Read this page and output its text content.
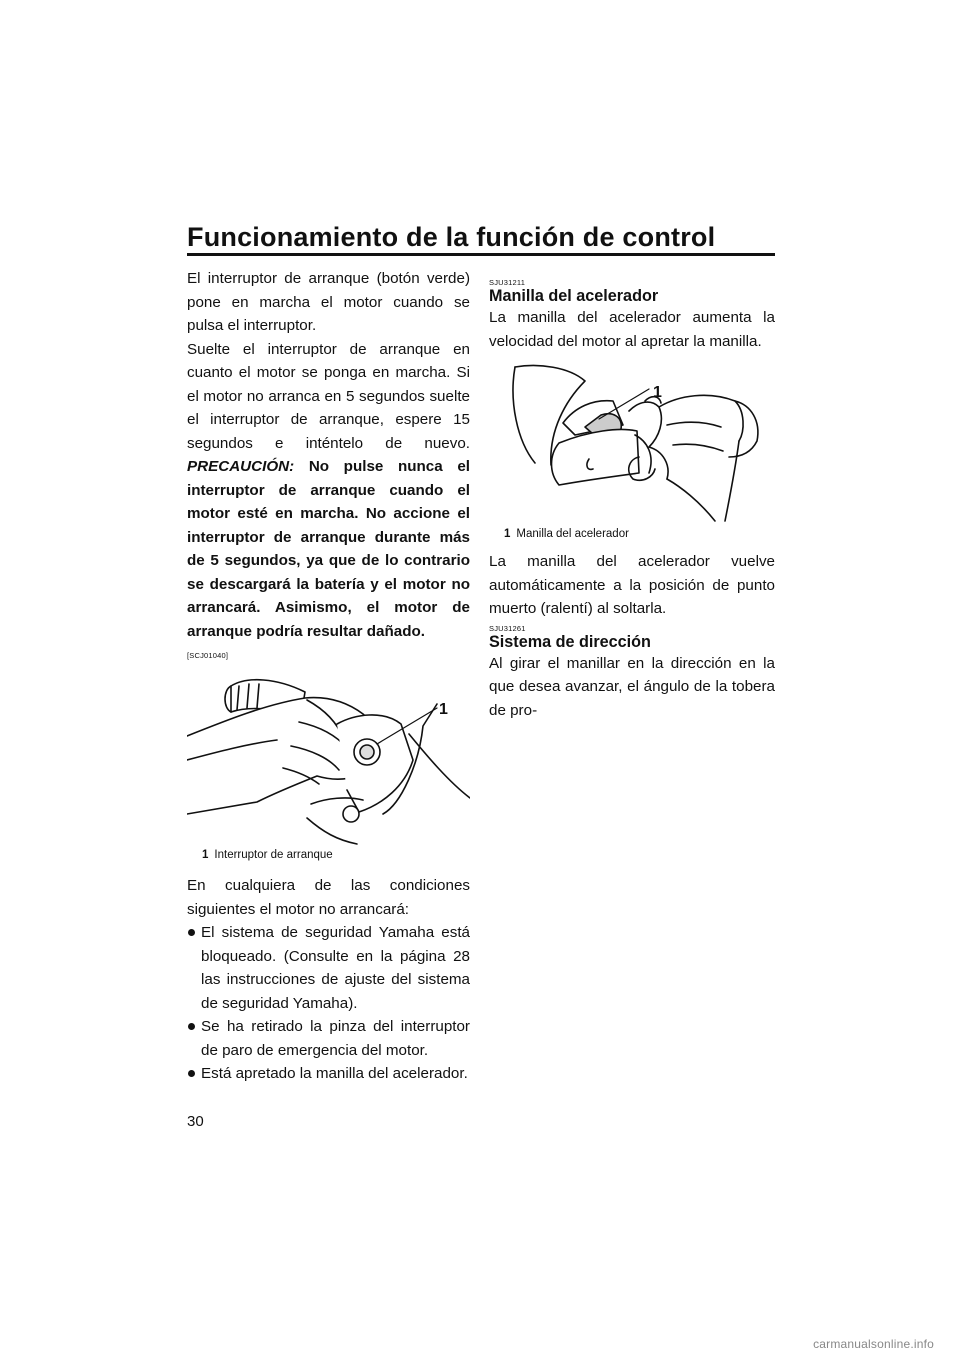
Funcionamiento de la función de control
30

El interruptor de arranque (botón verde) pone en marcha el motor cuando se pulsa el interruptor.

Suelte el interruptor de arranque en cuanto el motor se ponga en marcha. Si el motor no arranca en 5 segundos suelte el interruptor de arranque, espere 15 segundos e inténtelo de nuevo. PRECAUCIÓN: No pulse nunca el interruptor de arranque cuando el motor esté en marcha. No accione el interruptor de arranque durante más de 5 segundos, ya que de lo contrario se descargará la batería y el motor no arrancará. Asimismo, el motor de arranque podría resultar dañado.

[SCJ01040]
1
1 Interruptor de arranque

En cualquiera de las condiciones siguientes el motor no arrancará:

El sistema de seguridad Yamaha está bloqueado. (Consulte en la página 28 las instrucciones de ajuste del sistema de seguridad Yamaha).
Se ha retirado la pinza del interruptor de paro de emergencia del motor.
Está apretado la manilla del acelerador.
SJU31211
Manilla del acelerador

La manilla del acelerador aumenta la velocidad del motor al apretar la manilla.

1
1 Manilla del acelerador

La manilla del acelerador vuelve automáticamente a la posición de punto muerto (ralentí) al soltarla.

SJU31261
Sistema de dirección

Al girar el manillar en la dirección en la que desea avanzar, el ángulo de la tobera de pro-

carmanualsonline.info
